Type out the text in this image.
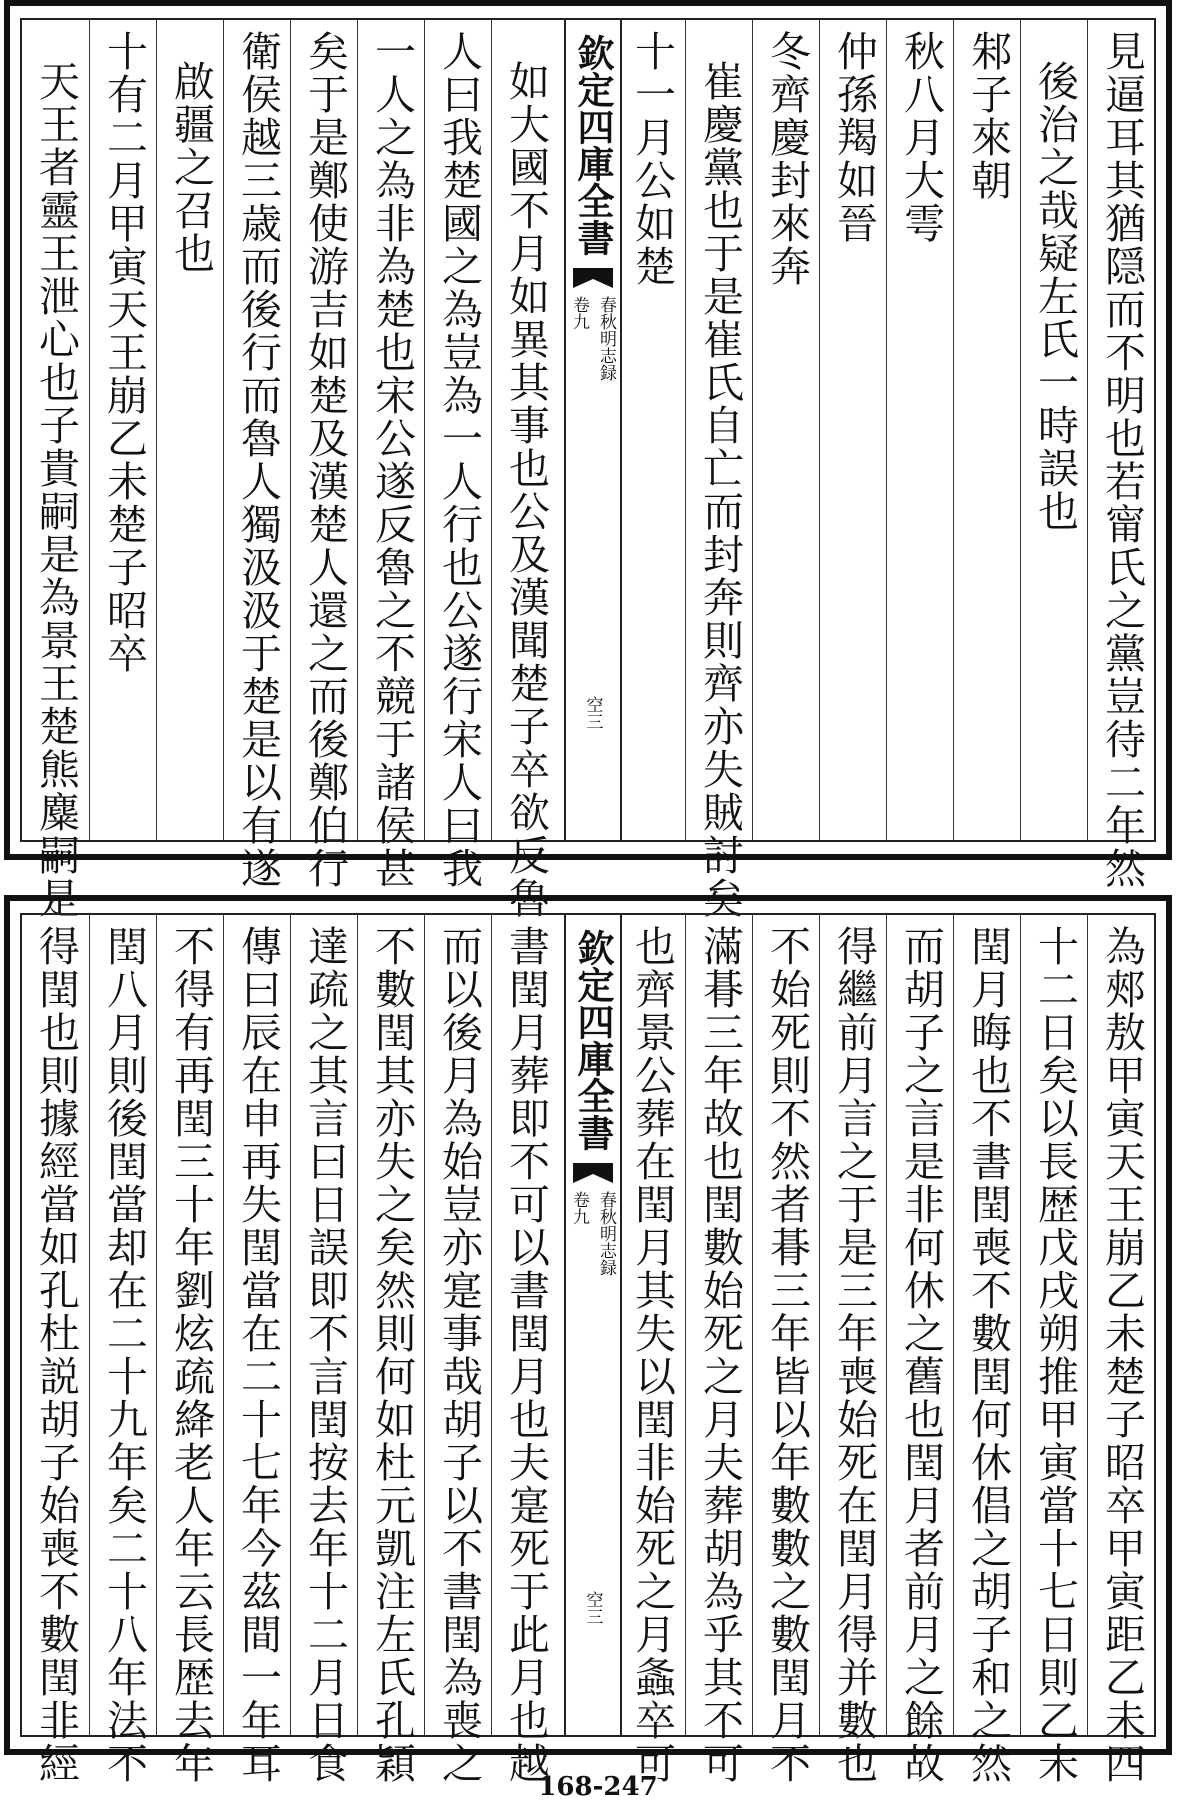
見逼耳其猶隠而不明也若甯氏之黨豈待二年然
後治之哉疑左氏一時誤也
邾子來朝
秋八月大雩
仲孫羯如晉
冬齊慶封來奔
崔慶黨也于是崔氏自亡而封奔則齊亦失賊討矣
十一月公如楚
欽定四庫全書
春秋明志録
卷九
空三
如大國不月如異其事也公及漢聞楚子卒欲反魯
人曰我楚國之為豈為一人行也公遂行宋人曰我
一人之為非為楚也宋公遂反魯之不競于諸侯甚
矣于是鄭使游吉如楚及漢楚人還之而後鄭伯行
衛侯越三歳而後行而魯人獨汲汲于楚是以有遂
啟疆之召也
十有二月甲寅天王崩乙未楚子昭卒
天王者靈王泄心也子貴嗣是為景王楚熊麋嗣是
為郟敖甲寅天王崩乙未楚子昭卒甲寅距乙未四
十二日矣以長歴戊戌朔推甲寅當十七日則乙未
閏月晦也不書閏喪不數閏何休倡之胡子和之然
而胡子之言是非何休之舊也閏月者前月之餘故
得繼前月言之于是三年喪始死在閏月得并數也
不始死則不然者朞三年皆以年數數之數閏月不
滿朞三年故也閏數始死之月夫葬胡為乎其不可
也齊景公葬在閏月其失以閏非始死之月螽卒可
欽定四庫全書
春秋明志録
卷九
空三
書閏月葬即不可以書閏月也夫寔死于此月也越
而以後月為始豈亦寔事哉胡子以不書閏為喪之
不數閏其亦失之矣然則何如杜元凱注左氏孔穎
達疏之其言曰日誤即不言閏按去年十二月日食
傳曰辰在申再失閏當在二十七年今茲間一年耳
不得有再閏三十年劉炫疏絳老人年云長歴去年
閏八月則後閏當却在二十九年矣二十八年法不
得閏也則據經當如孔杜説胡子始喪不數閏非經
168-247
